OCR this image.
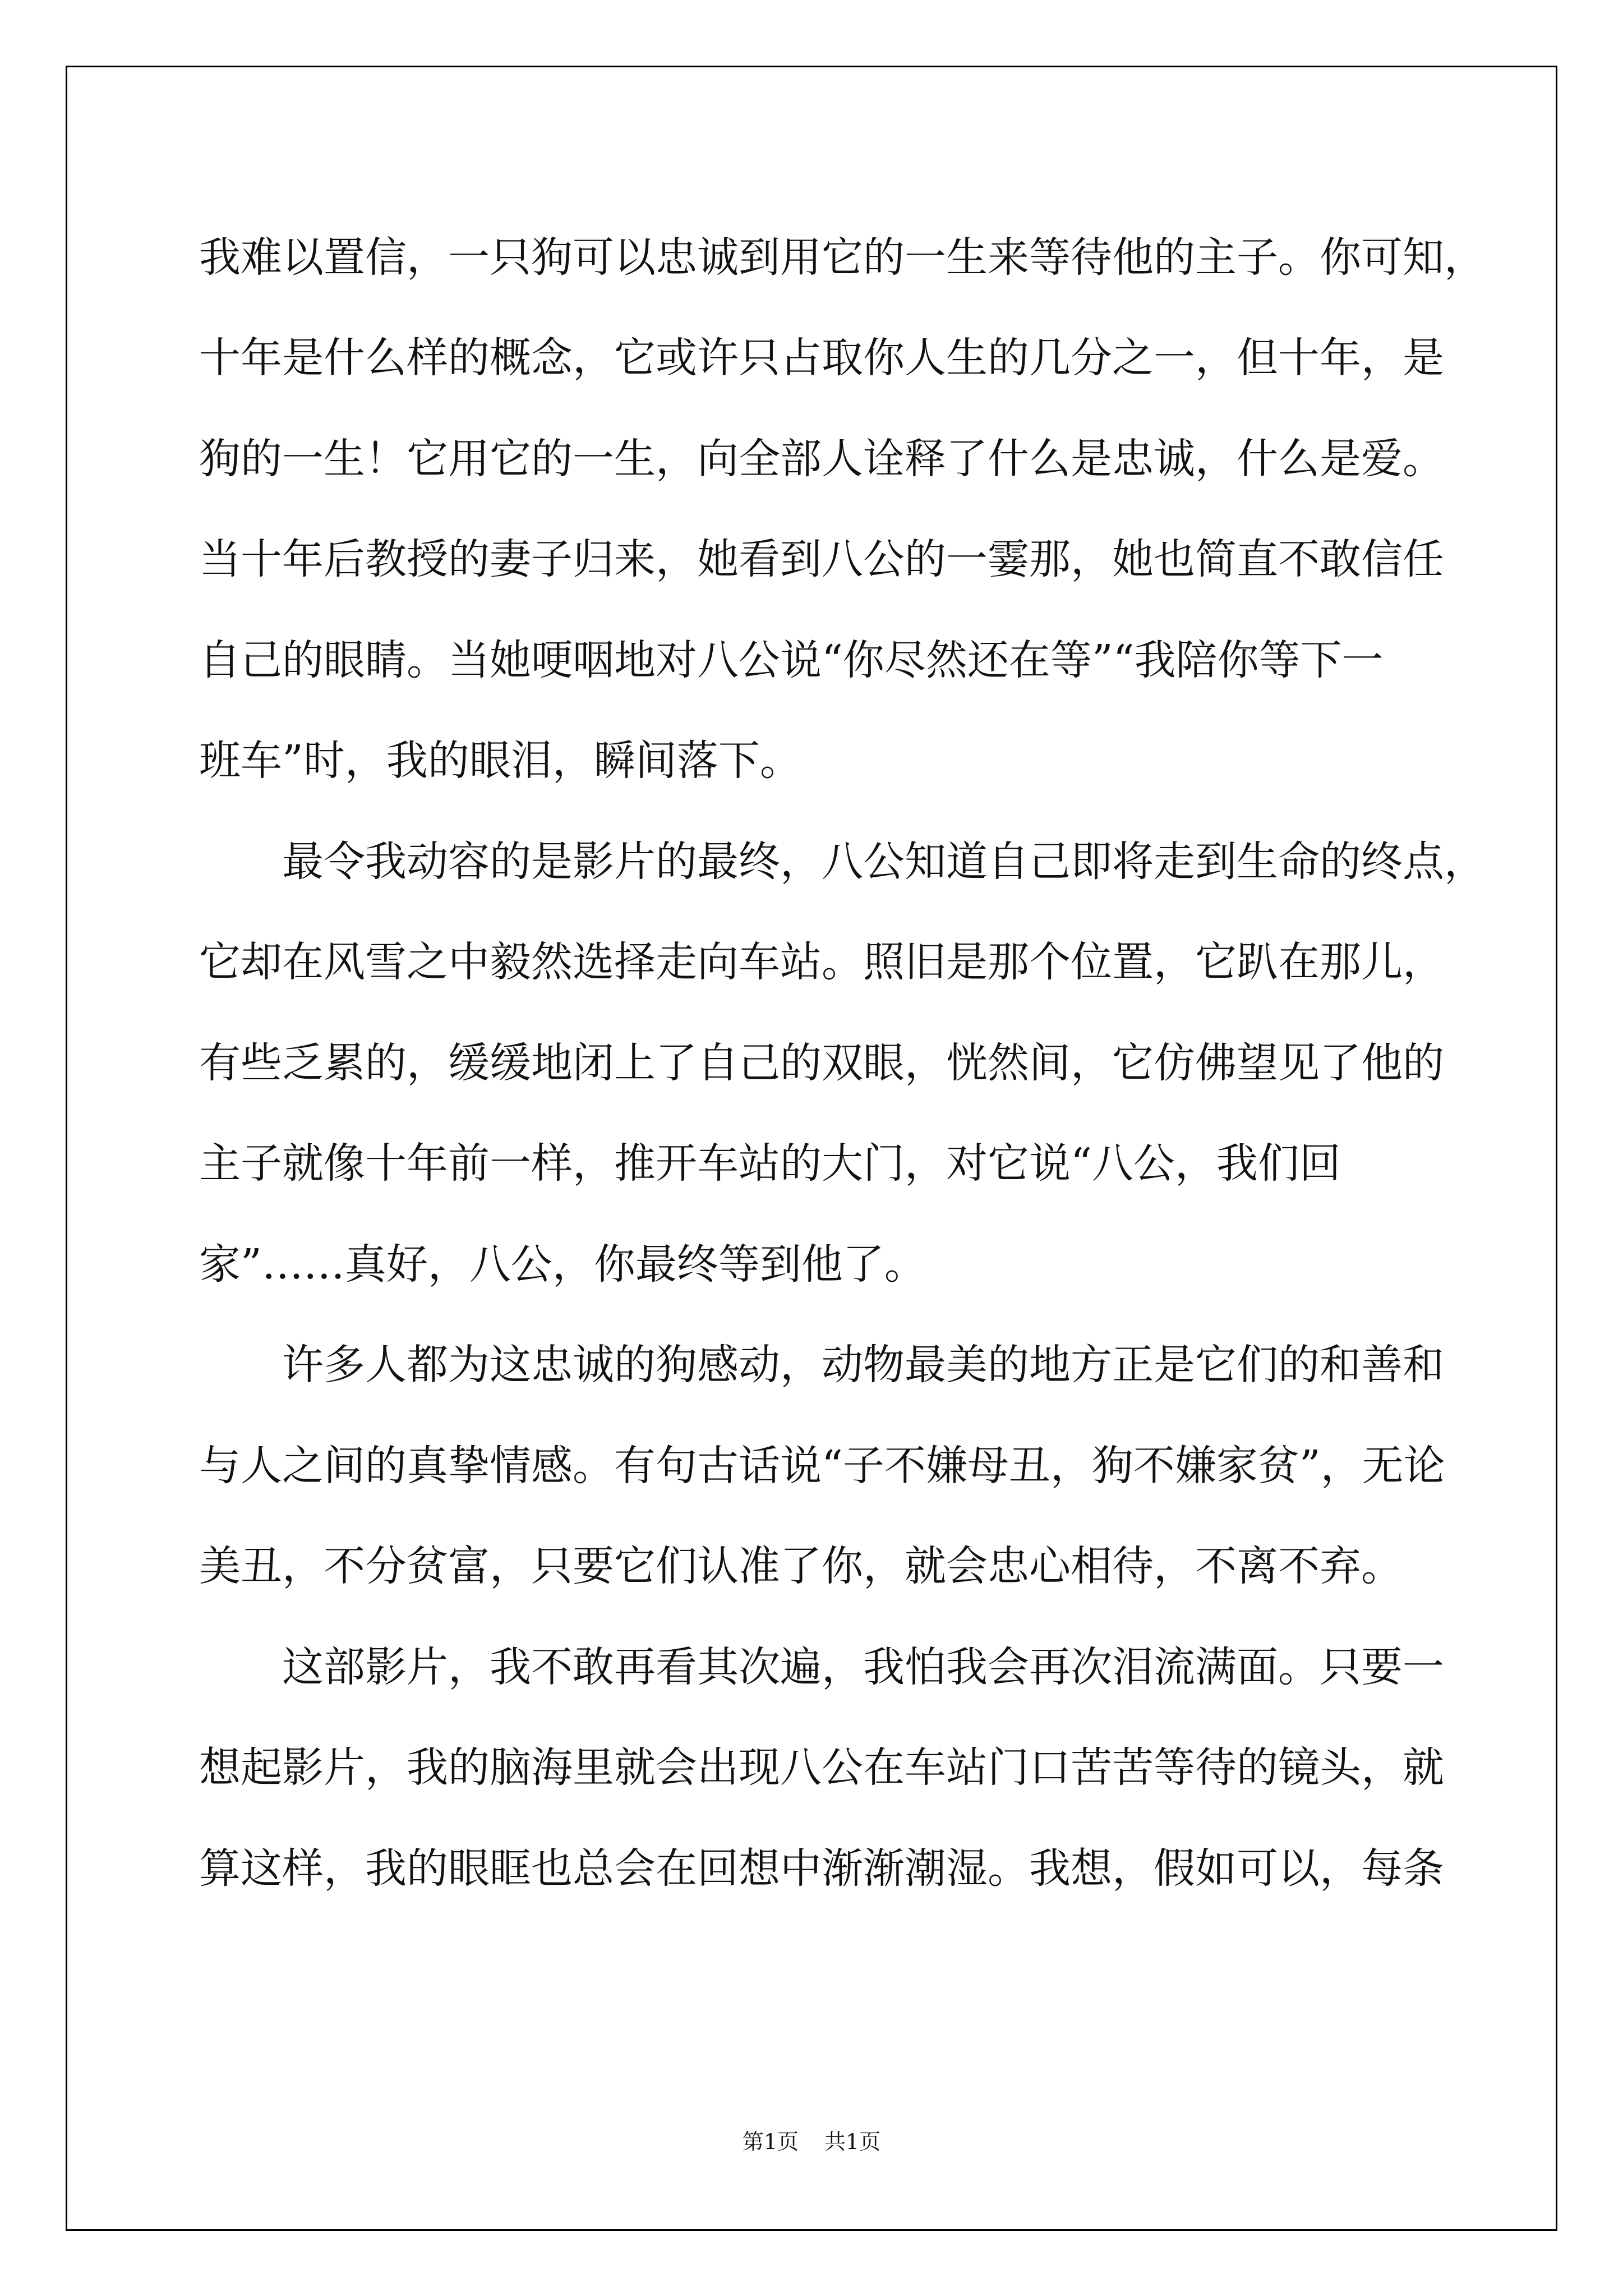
我难以置信，一只狗可以忠诚到用它的一生来等待他的主子。你可知，
十年是什么样的概念，它或许只占取你人生的几分之一，但十年，是
狗的一生！它用它的一生，向全部人诠释了什么是忠诚，什么是爱。
当十年后教授的妻子归来，她看到八公的一霎那，她也简直不敢信任
自己的眼睛。当她哽咽地对八公说“你尽然还在等”“我陪你等下一
班车”时，我的眼泪，瞬间落下。
最令我动容的是影片的最终，八公知道自己即将走到生命的终点，
它却在风雪之中毅然选择走向车站。照旧是那个位置，它趴在那儿，
有些乏累的，缓缓地闭上了自己的双眼，恍然间，它仿佛望见了他的
主子就像十年前一样，推开车站的大门，对它说“八公，我们回
家”……真好，八公，你最终等到他了。
许多人都为这忠诚的狗感动，动物最美的地方正是它们的和善和
与人之间的真挚情感。有句古话说“子不嫌母丑，狗不嫌家贫”，无论
美丑，不分贫富，只要它们认准了你，就会忠心相待，不离不弃。
这部影片，我不敢再看其次遍，我怕我会再次泪流满面。只要一
想起影片，我的脑海里就会出现八公在车站门口苦苦等待的镜头，就
算这样，我的眼眶也总会在回想中渐渐潮湿。我想，假如可以，每条
第1页 共1页
